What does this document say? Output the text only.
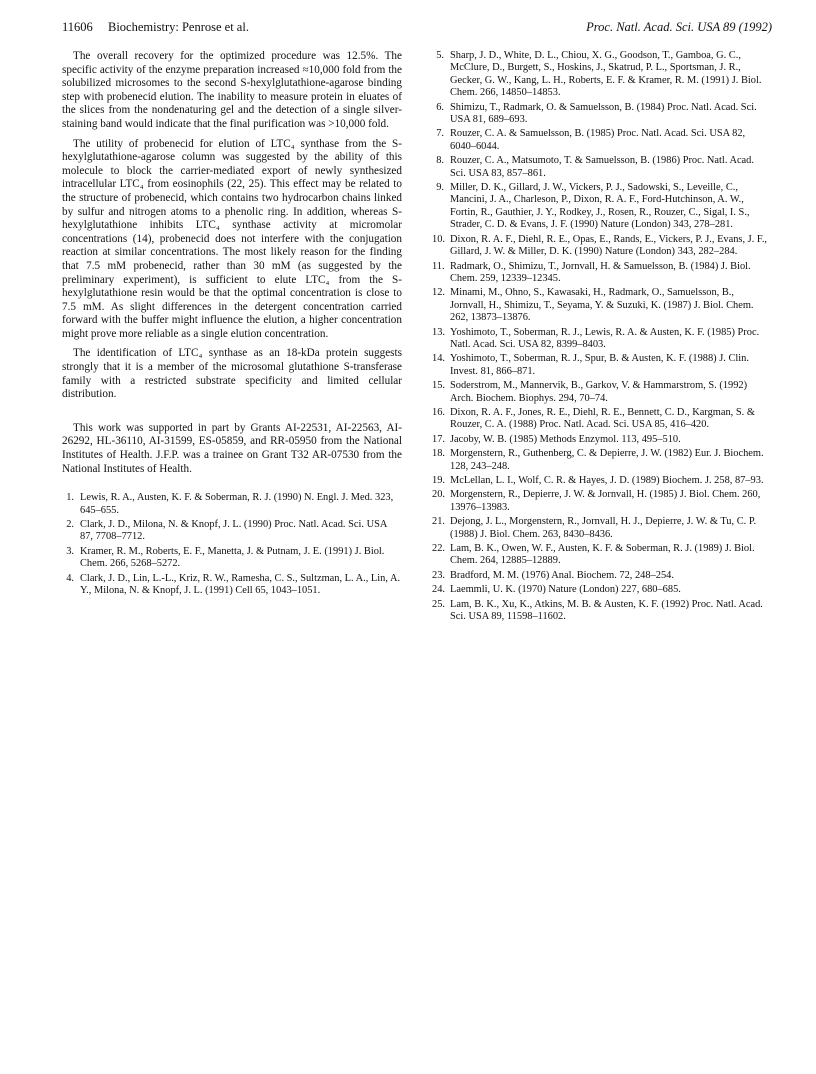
11606 Biochemistry: Penrose et al.	Proc. Natl. Acad. Sci. USA 89 (1992)

The overall recovery for the optimized procedure was 12.5%. The specific activity of the enzyme preparation increased ≈10,000 fold from the solubilized microsomes to the second S-hexylglutathione-agarose binding step with probenecid elution. The inability to measure protein in eluates of the slices from the nondenaturing gel and the detection of a single silver-staining band would indicate that the final purification was >10,000 fold.

The utility of probenecid for elution of LTC₄ synthase from the S-hexylglutathione-agarose column was suggested by the ability of this molecule to block the carrier-mediated export of newly synthesized intracellular LTC₄ from eosinophils (22, 25). This effect may be related to the structure of probenecid, which contains two hydrocarbon chains linked by sulfur and nitrogen atoms to a phenolic ring. In addition, whereas S-hexylglutathione inhibits LTC₄ synthase activity at micromolar concentrations (14), probenecid does not interfere with the conjugation reaction at similar concentrations. The most likely reason for the finding that 7.5 mM probenecid, rather than 30 mM (as suggested by the preliminary experiment), is sufficient to elute LTC₄ from the S-hexylglutathione resin would be that the optimal concentration is close to 7.5 mM. As slight differences in the detergent concentration carried forward with the buffer might influence the elution, a higher concentration might prove more reliable as a single elution concentration.

The identification of LTC₄ synthase as an 18-kDa protein suggests strongly that it is a member of the microsomal glutathione S-transferase family with a restricted substrate specificity and limited cellular distribution.

This work was supported in part by Grants AI-22531, AI-22563, AI-26292, HL-36110, AI-31599, ES-05859, and RR-05950 from the National Institutes of Health. J.F.P. was a trainee on Grant T32 AR-07530 from the National Institutes of Health.

1. Lewis, R. A., Austen, K. F. & Soberman, R. J. (1990) N. Engl. J. Med. 323, 645–655.
2. Clark, J. D., Milona, N. & Knopf, J. L. (1990) Proc. Natl. Acad. Sci. USA 87, 7708–7712.
3. Kramer, R. M., Roberts, E. F., Manetta, J. & Putnam, J. E. (1991) J. Biol. Chem. 266, 5268–5272.
4. Clark, J. D., Lin, L.-L., Kriz, R. W., Ramesha, C. S., Sultzman, L. A., Lin, A. Y., Milona, N. & Knopf, J. L. (1991) Cell 65, 1043–1051.
5. Sharp, J. D., White, D. L., Chiou, X. G., Goodson, T., Gamboa, G. C., McClure, D., Burgett, S., Hoskins, J., Skatrud, P. L., Sportsman, J. R., Gecker, G. W., Kang, L. H., Roberts, E. F. & Kramer, R. M. (1991) J. Biol. Chem. 266, 14850–14853.
6. Shimizu, T., Radmark, O. & Samuelsson, B. (1984) Proc. Natl. Acad. Sci. USA 81, 689–693.
7. Rouzer, C. A. & Samuelsson, B. (1985) Proc. Natl. Acad. Sci. USA 82, 6040–6044.
8. Rouzer, C. A., Matsumoto, T. & Samuelsson, B. (1986) Proc. Natl. Acad. Sci. USA 83, 857–861.
9. Miller, D. K., Gillard, J. W., Vickers, P. J., Sadowski, S., Leveille, C., Mancini, J. A., Charleson, P., Dixon, R. A. F., Ford-Hutchinson, A. W., Fortin, R., Gauthier, J. Y., Rodkey, J., Rosen, R., Rouzer, C., Sigal, I. S., Strader, C. D. & Evans, J. F. (1990) Nature (London) 343, 278–281.
10. Dixon, R. A. F., Diehl, R. E., Opas, E., Rands, E., Vickers, P. J., Evans, J. F., Gillard, J. W. & Miller, D. K. (1990) Nature (London) 343, 282–284.
11. Radmark, O., Shimizu, T., Jornvall, H. & Samuelsson, B. (1984) J. Biol. Chem. 259, 12339–12345.
12. Minami, M., Ohno, S., Kawasaki, H., Radmark, O., Samuelsson, B., Jornvall, H., Shimizu, T., Seyama, Y. & Suzuki, K. (1987) J. Biol. Chem. 262, 13873–13876.
13. Yoshimoto, T., Soberman, R. J., Lewis, R. A. & Austen, K. F. (1985) Proc. Natl. Acad. Sci. USA 82, 8399–8403.
14. Yoshimoto, T., Soberman, R. J., Spur, B. & Austen, K. F. (1988) J. Clin. Invest. 81, 866–871.
15. Soderstrom, M., Mannervik, B., Garkov, V. & Hammarstrom, S. (1992) Arch. Biochem. Biophys. 294, 70–74.
16. Dixon, R. A. F., Jones, R. E., Diehl, R. E., Bennett, C. D., Kargman, S. & Rouzer, C. A. (1988) Proc. Natl. Acad. Sci. USA 85, 416–420.
17. Jacoby, W. B. (1985) Methods Enzymol. 113, 495–510.
18. Morgenstern, R., Guthenberg, C. & Depierre, J. W. (1982) Eur. J. Biochem. 128, 243–248.
19. McLellan, L. I., Wolf, C. R. & Hayes, J. D. (1989) Biochem. J. 258, 87–93.
20. Morgenstern, R., Depierre, J. W. & Jornvall, H. (1985) J. Biol. Chem. 260, 13976–13983.
21. Dejong, J. L., Morgenstern, R., Jornvall, H. J., Depierre, J. W. & Tu, C. P. (1988) J. Biol. Chem. 263, 8430–8436.
22. Lam, B. K., Owen, W. F., Austen, K. F. & Soberman, R. J. (1989) J. Biol. Chem. 264, 12885–12889.
23. Bradford, M. M. (1976) Anal. Biochem. 72, 248–254.
24. Laemmli, U. K. (1970) Nature (London) 227, 680–685.
25. Lam, B. K., Xu, K., Atkins, M. B. & Austen, K. F. (1992) Proc. Natl. Acad. Sci. USA 89, 11598–11602.
